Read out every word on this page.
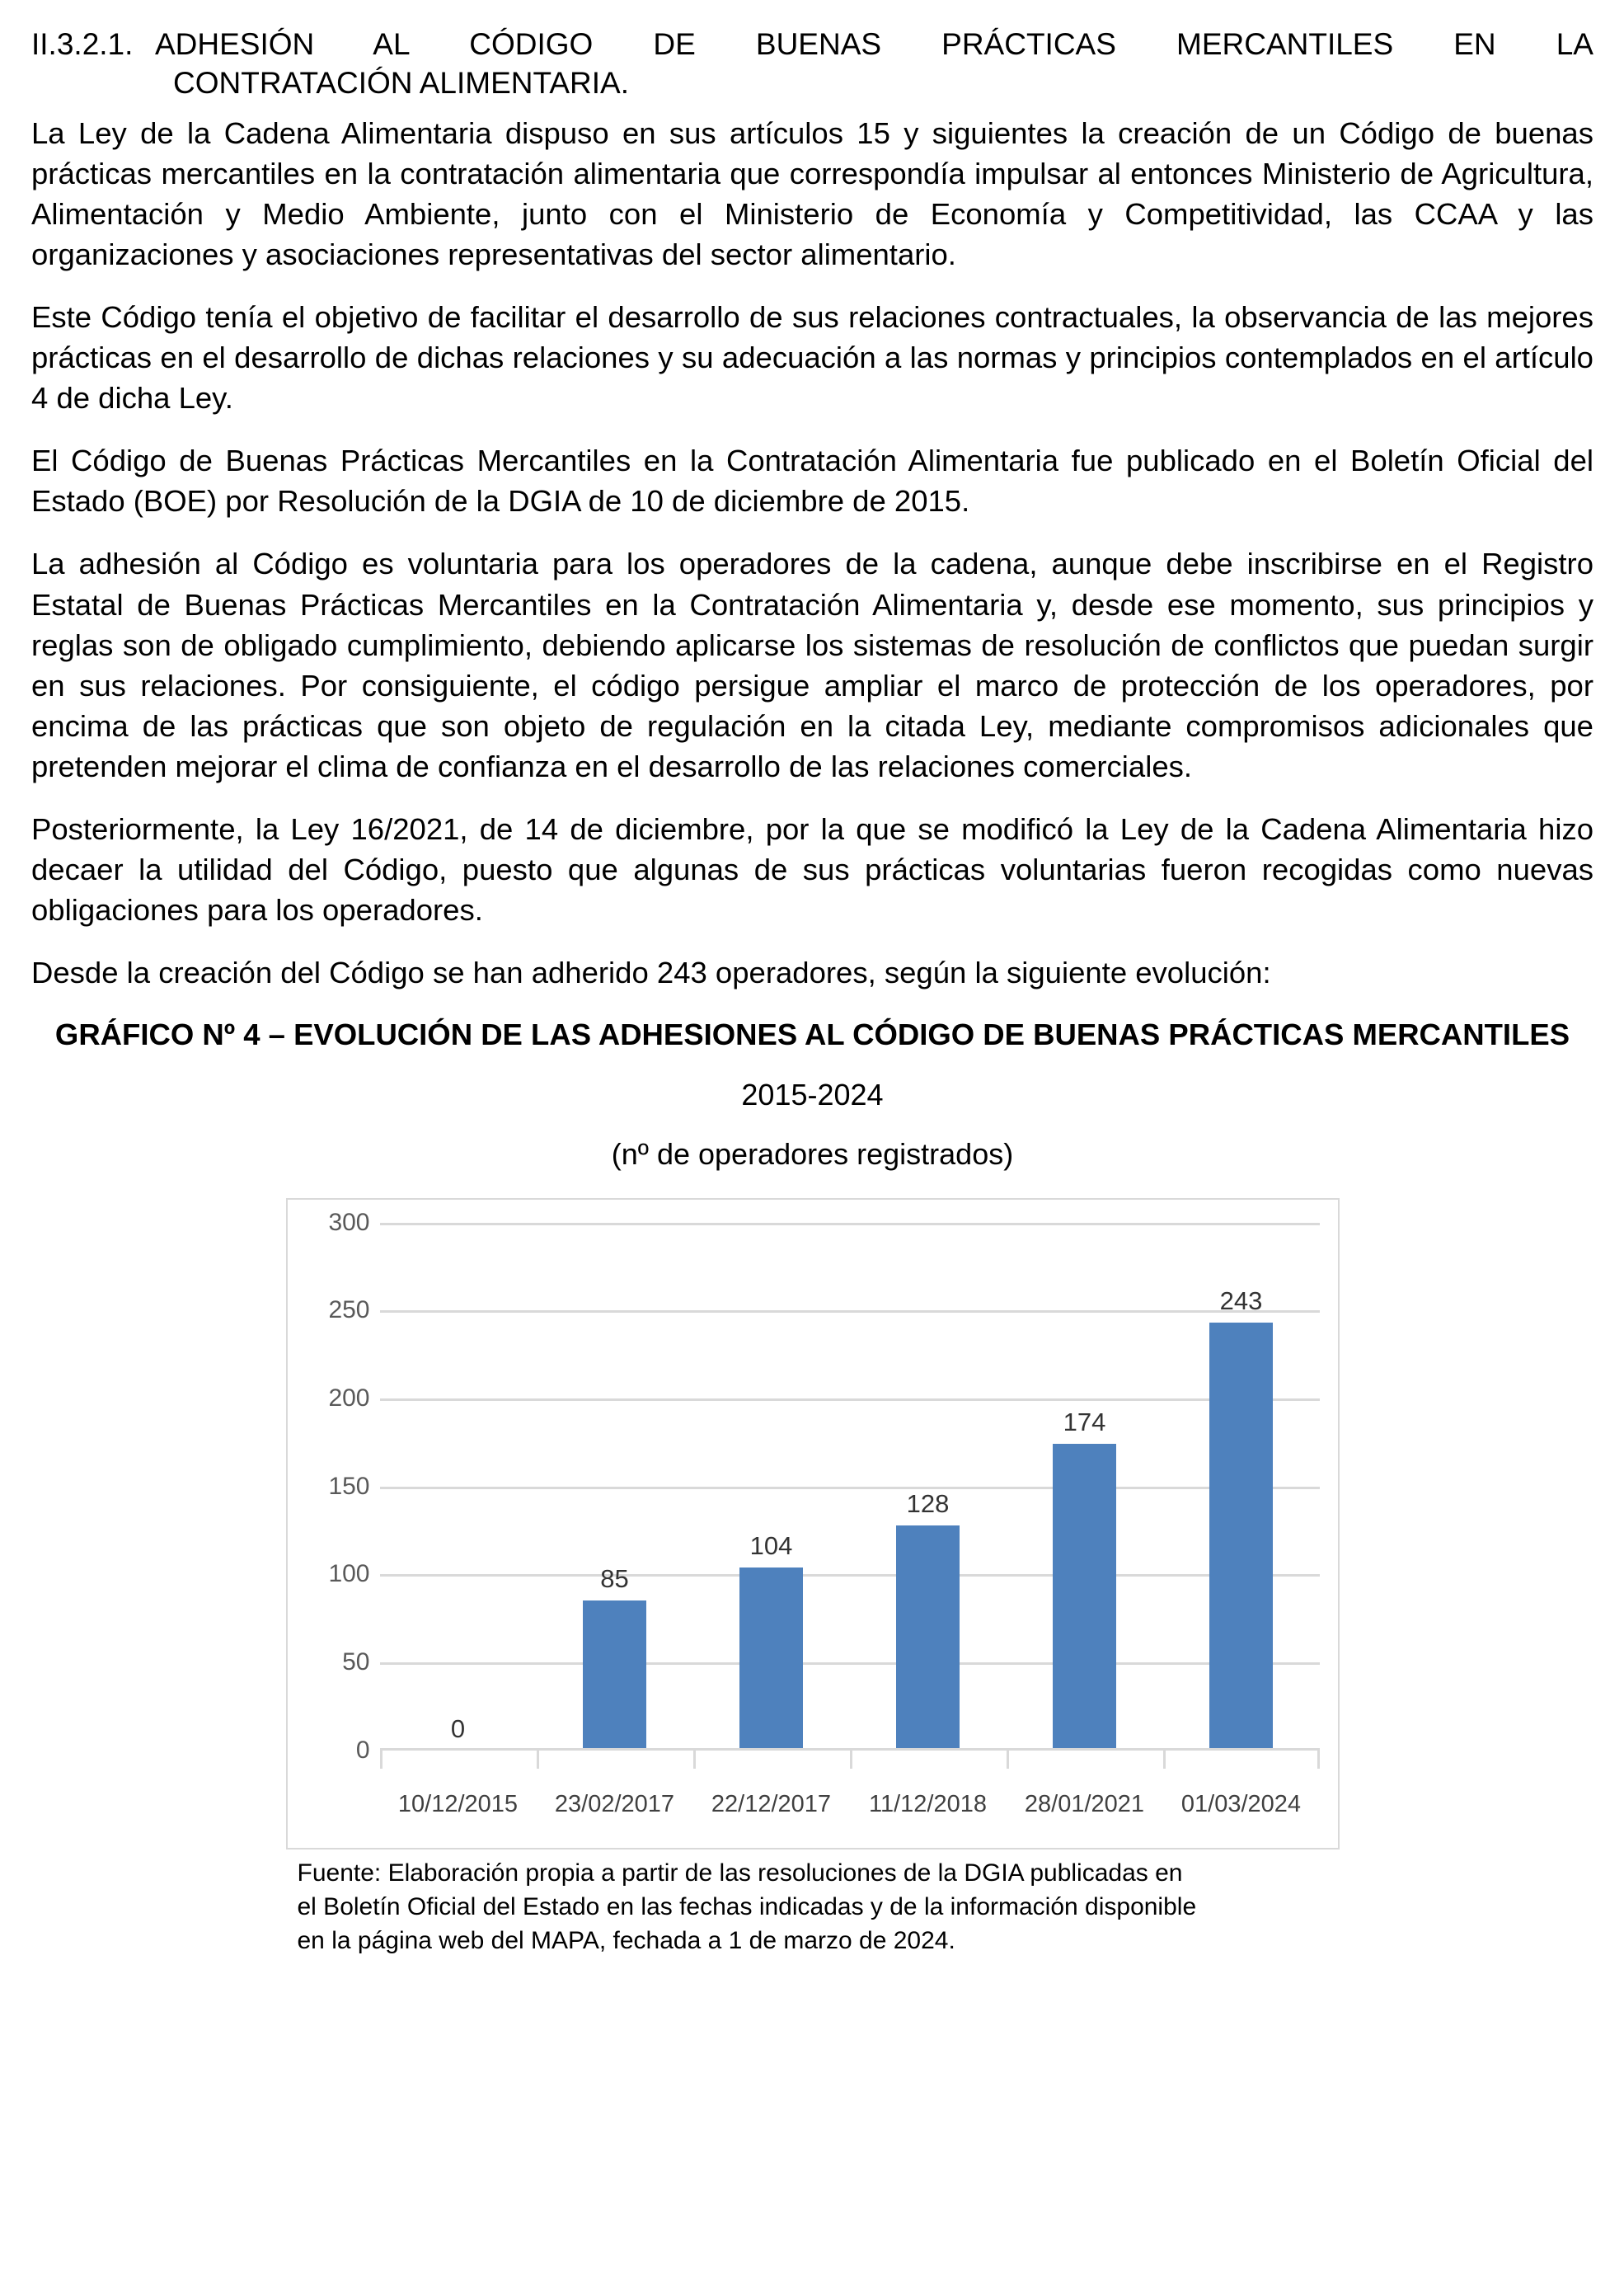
II.3.2.1. ADHESIÓN AL CÓDIGO DE BUENAS PRÁCTICAS MERCANTILES EN LA
CONTRATACIÓN ALIMENTARIA.

La Ley de la Cadena Alimentaria dispuso en sus artículos 15 y siguientes la creación de un Código de buenas prácticas mercantiles en la contratación alimentaria que correspondía impulsar al entonces Ministerio de Agricultura, Alimentación y Medio Ambiente, junto con el Ministerio de Economía y Competitividad, las CCAA y las organizaciones y asociaciones representativas del sector alimentario.

Este Código tenía el objetivo de facilitar el desarrollo de sus relaciones contractuales, la observancia de las mejores prácticas en el desarrollo de dichas relaciones y su adecuación a las normas y principios contemplados en el artículo 4 de dicha Ley.

El Código de Buenas Prácticas Mercantiles en la Contratación Alimentaria fue publicado en el Boletín Oficial del Estado (BOE) por Resolución de la DGIA de 10 de diciembre de 2015.

La adhesión al Código es voluntaria para los operadores de la cadena, aunque debe inscribirse en el Registro Estatal de Buenas Prácticas Mercantiles en la Contratación Alimentaria y, desde ese momento, sus principios y reglas son de obligado cumplimiento, debiendo aplicarse los sistemas de resolución de conflictos que puedan surgir en sus relaciones. Por consiguiente, el código persigue ampliar el marco de protección de los operadores, por encima de las prácticas que son objeto de regulación en la citada Ley, mediante compromisos adicionales que pretenden mejorar el clima de confianza en el desarrollo de las relaciones comerciales.

Posteriormente, la Ley 16/2021, de 14 de diciembre, por la que se modificó la Ley de la Cadena Alimentaria hizo decaer la utilidad del Código, puesto que algunas de sus prácticas voluntarias fueron recogidas como nuevas obligaciones para los operadores.

Desde la creación del Código se han adherido 243 operadores, según la siguiente evolución:

GRÁFICO Nº 4 – EVOLUCIÓN DE LAS ADHESIONES AL CÓDIGO DE BUENAS PRÁCTICAS MERCANTILES
2015-2024
(nº de operadores registrados)
0
50
100
150
200
250
300
0
85
104
128
174
243
10/12/2015	23/02/2017	22/12/2017	11/12/2018	28/01/2021	01/03/2024
Fuente: Elaboración propia a partir de las resoluciones de la DGIA publicadas en
el Boletín Oficial del Estado en las fechas indicadas y de la información disponible
en la página web del MAPA, fechada a 1 de marzo de 2024.
